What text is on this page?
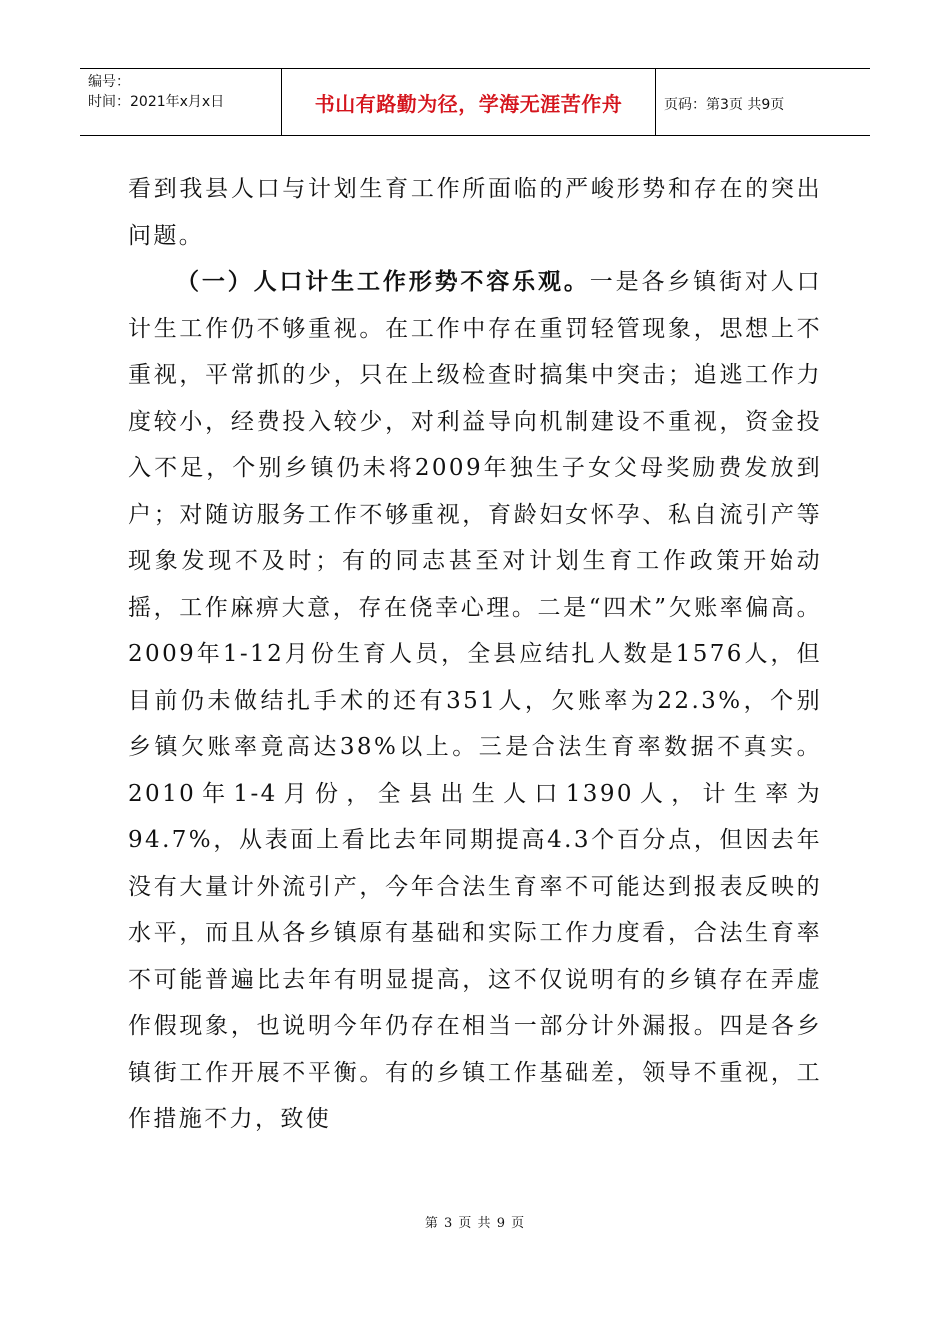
编号：
时间：2021年x月x日	书山有路勤为径，学海无涯苦作舟	页码：第3页 共9页

看到我县人口与计划生育工作所面临的严峻形势和存在的突出问题。

（一）人口计生工作形势不容乐观。一是各乡镇街对人口计生工作仍不够重视。在工作中存在重罚轻管现象，思想上不重视，平常抓的少，只在上级检查时搞集中突击；追逃工作力度较小，经费投入较少，对利益导向机制建设不重视，资金投入不足，个别乡镇仍未将2009年独生子女父母奖励费发放到户；对随访服务工作不够重视，育龄妇女怀孕、私自流引产等现象发现不及时；有的同志甚至对计划生育工作政策开始动摇，工作麻痹大意，存在侥幸心理。二是“四术”欠账率偏高。2009年1-12月份生育人员，全县应结扎人数是1576人，但目前仍未做结扎手术的还有351人，欠账率为22.3%，个别乡镇欠账率竟高达38%以上。三是合法生育率数据不真实。2010年1-4月份，全县出生人口1390人，计生率为94.7%，从表面上看比去年同期提高4.3个百分点，但因去年没有大量计外流引产，今年合法生育率不可能达到报表反映的水平，而且从各乡镇原有基础和实际工作力度看，合法生育率不可能普遍比去年有明显提高，这不仅说明有的乡镇存在弄虚作假现象，也说明今年仍存在相当一部分计外漏报。四是各乡镇街工作开展不平衡。有的乡镇工作基础差，领导不重视，工作措施不力，致使

第 3 页 共 9 页
